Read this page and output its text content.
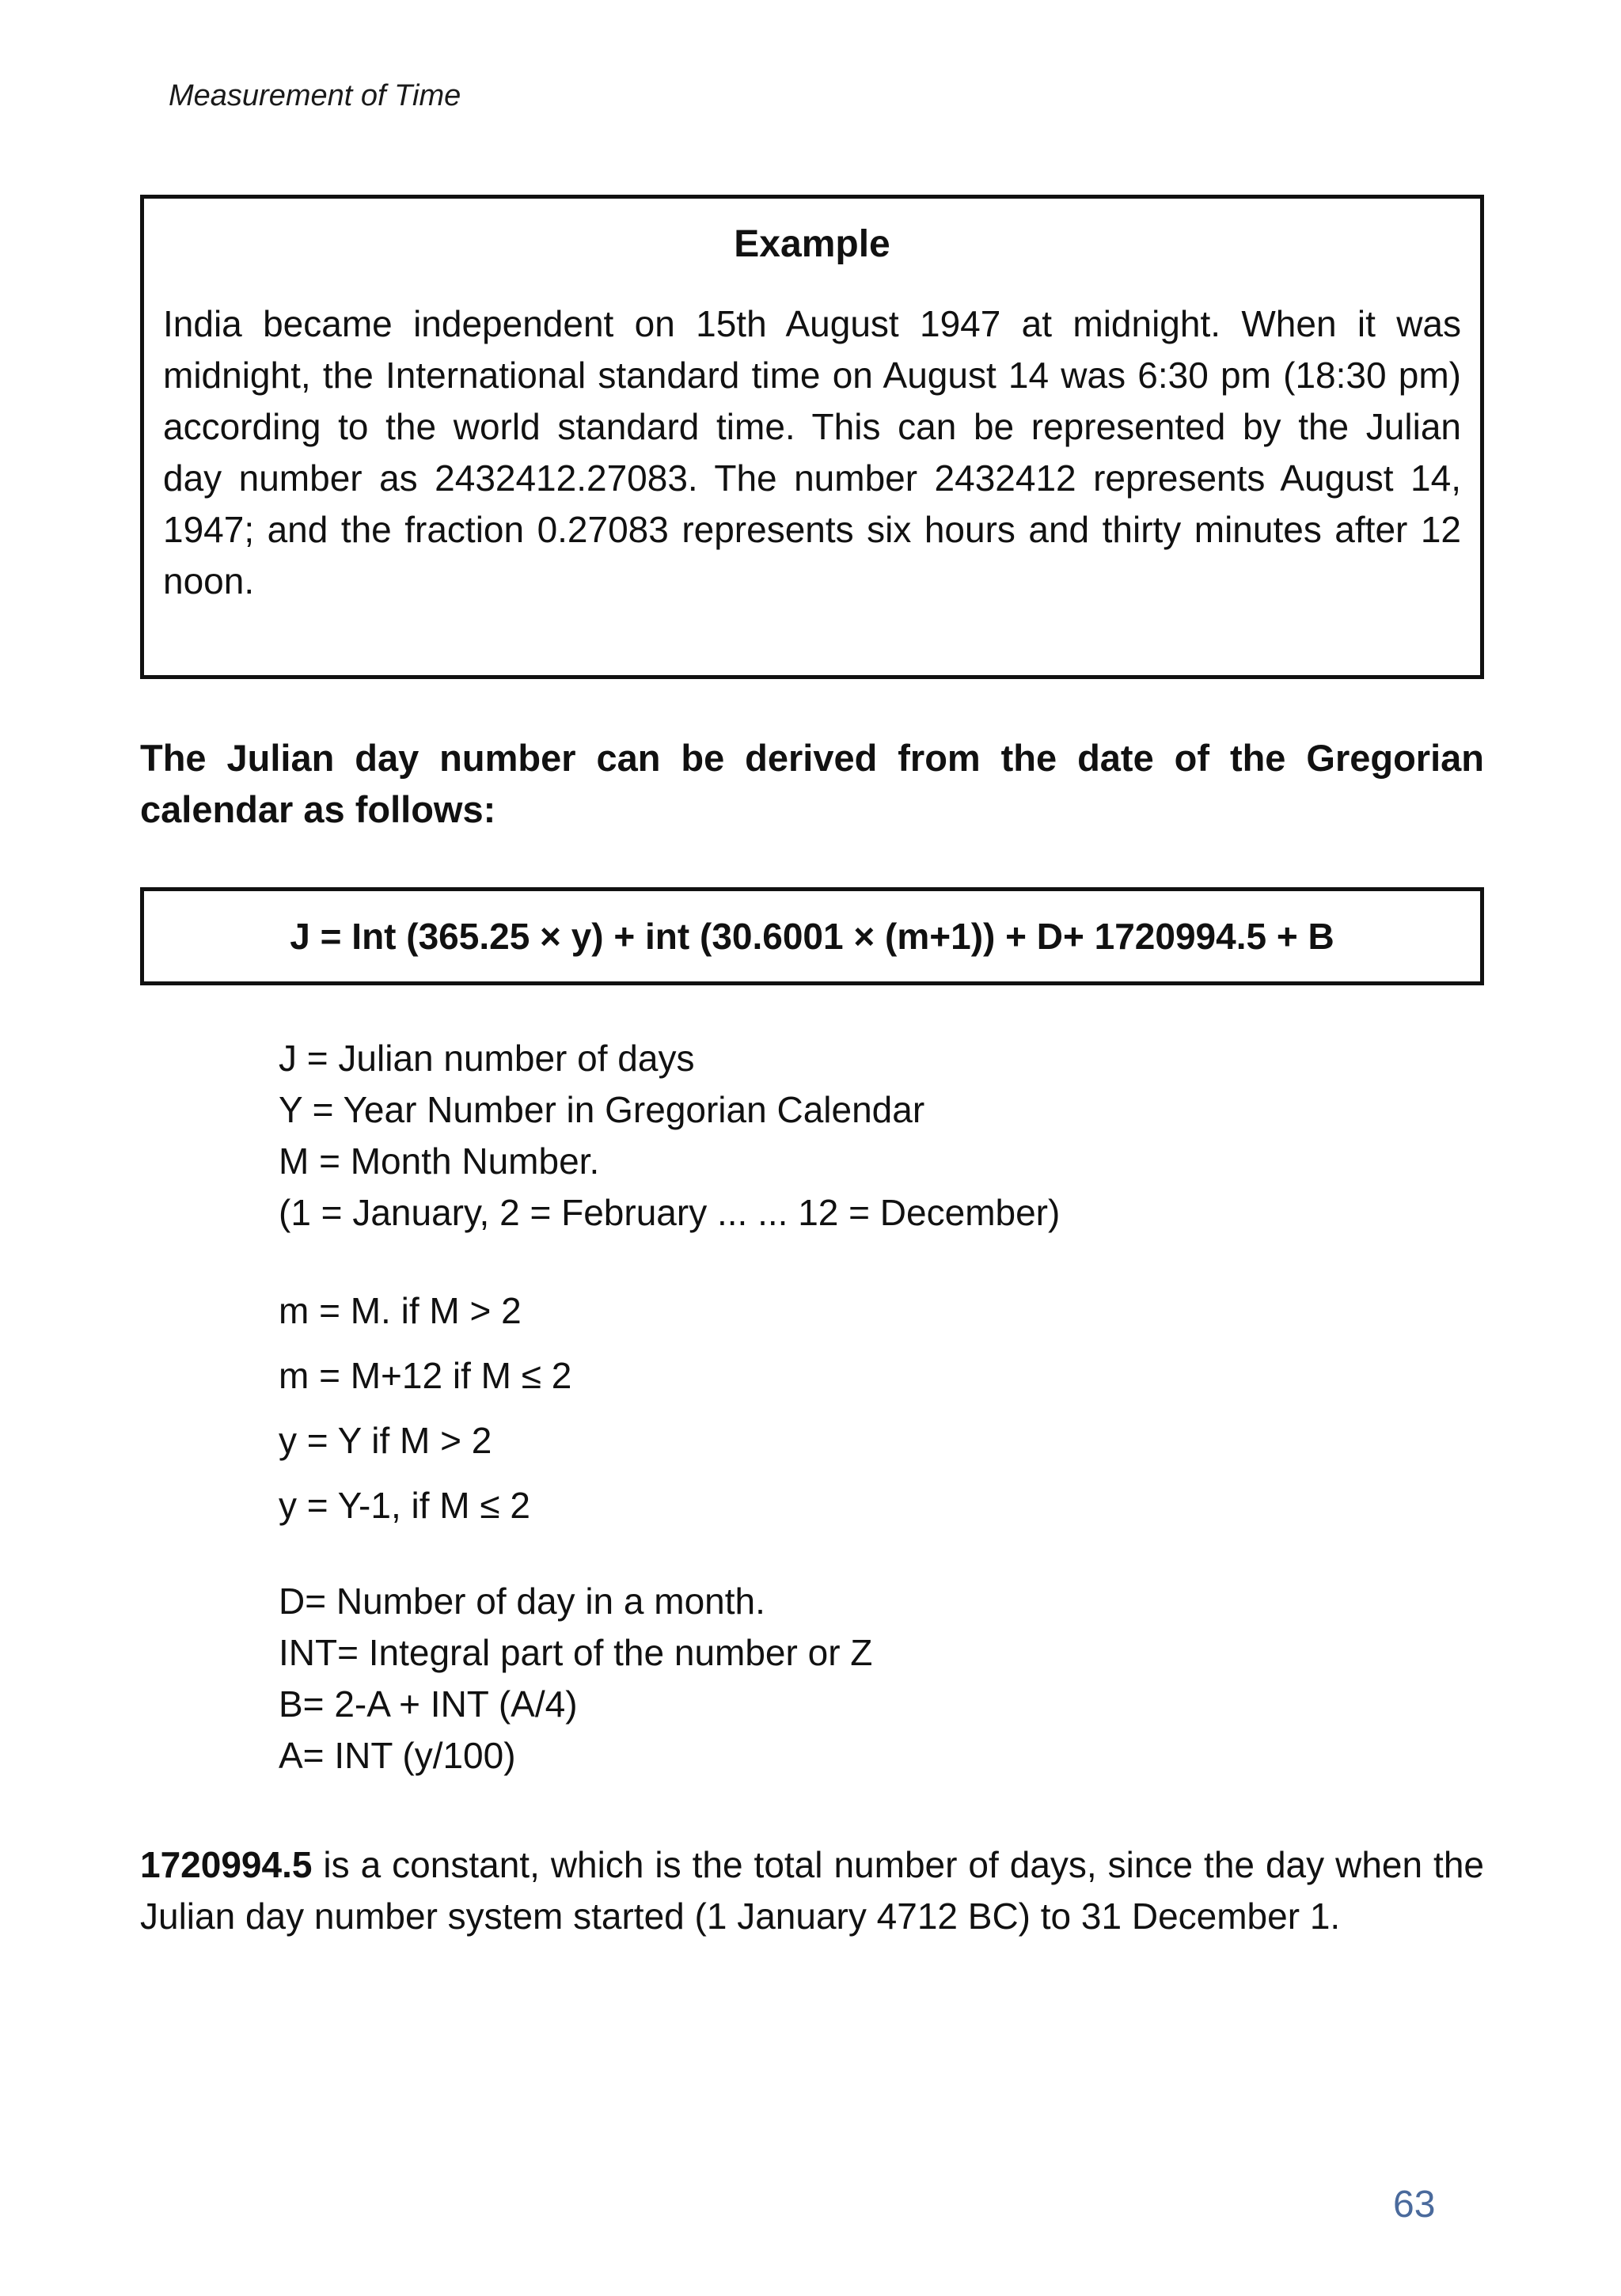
Measurement of Time
Example

India became independent on 15th August 1947 at midnight. When it was midnight, the International standard time on August 14 was 6:30 pm (18:30 pm) according to the world standard time. This can be represented by the Julian day number as 2432412.27083. The number 2432412 represents August 14, 1947; and the fraction 0.27083 represents six hours and thirty minutes after 12 noon.

The Julian day number can be derived from the date of the Gregorian calendar as follows:

J = Int (365.25 × y) + int (30.6001 × (m+1)) + D+ 1720994.5 + B
J = Julian number of days
Y = Year Number in Gregorian Calendar
M = Month Number.
(1 = January, 2 = February ... ... 12 = December)
m = M. if M > 2
m = M+12 if M ≤ 2
y = Y if M > 2
y = Y-1, if M ≤ 2
D= Number of day in a month.
INT= Integral part of the number or Z
B= 2-A + INT (A/4)
A= INT (y/100)

1720994.5 is a constant, which is the total number of days, since the day when the Julian day number system started (1 January 4712 BC) to 31 December 1.

63
